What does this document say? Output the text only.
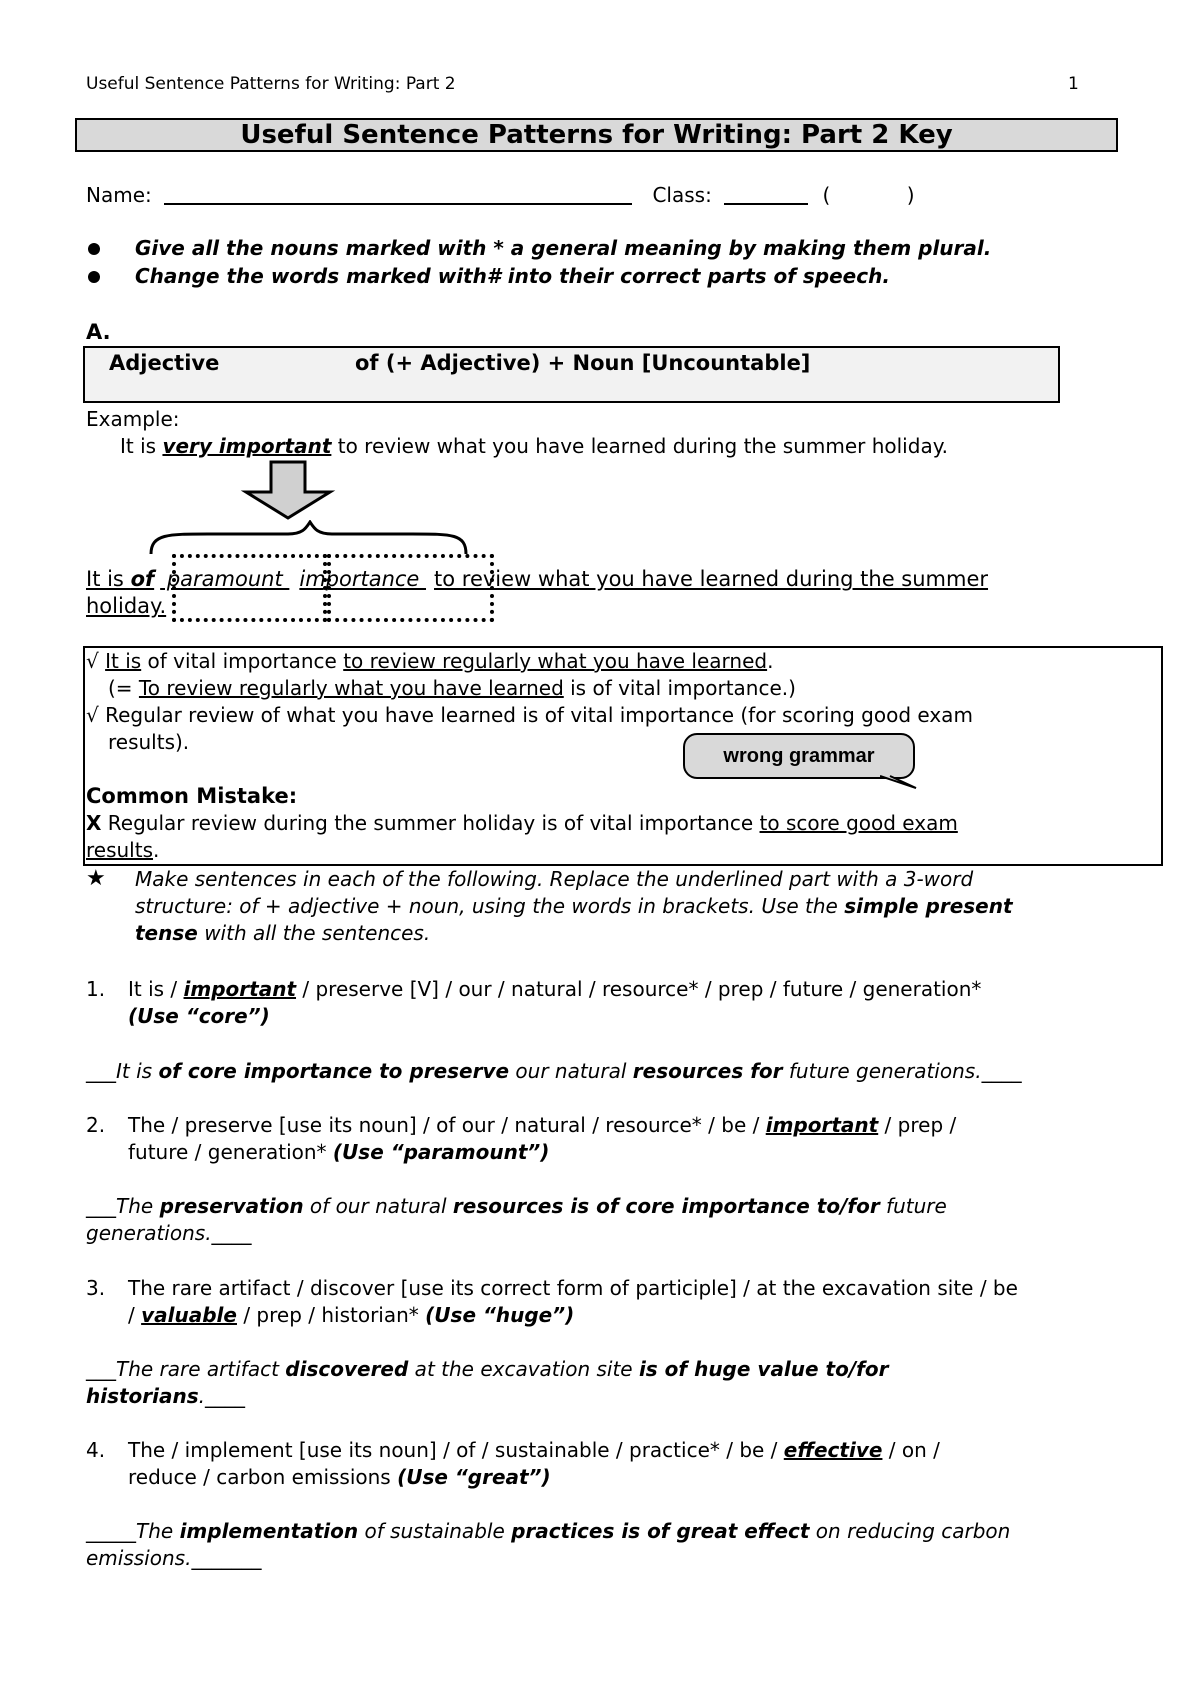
Useful Sentence Patterns for Writing: Part 2	1
Useful Sentence Patterns for Writing: Part 2 Key
Name:	Class:	(	)
Give all the nouns marked with * a general meaning by making them plural.
Change the words marked with# into their correct parts of speech.
A.
Adjective	of (+ Adjective) + Noun [Uncountable]
Example:
It is very important to review what you have learned during the summer holiday.
It is of paramount importance to review what you have learned during the summer
holiday.
√ It is of vital importance to review regularly what you have learned.
(= To review regularly what you have learned is of vital importance.)
√ Regular review of what you have learned is of vital importance (for scoring good exam
results).
wrong grammar
Common Mistake:
X Regular review during the summer holiday is of vital importance to score good exam
results.
★ Make sentences in each of the following. Replace the underlined part with a 3-word
structure: of + adjective + noun, using the words in brackets. Use the simple present
tense with all the sentences.
1. It is / important / preserve [V] / our / natural / resource* / prep / future / generation*
(Use “core”)
___It is of core importance to preserve our natural resources for future generations.____
2. The / preserve [use its noun] / of our / natural / resource* / be / important / prep /
future / generation* (Use “paramount”)
___The preservation of our natural resources is of core importance to/for future
generations.____
3. The rare artifact / discover [use its correct form of participle] / at the excavation site / be
/ valuable / prep / historian* (Use “huge”)
___The rare artifact discovered at the excavation site is of huge value to/for
historians.____
4. The / implement [use its noun] / of / sustainable / practice* / be / effective / on /
reduce / carbon emissions (Use “great”)
_____The implementation of sustainable practices is of great effect on reducing carbon
emissions._______
